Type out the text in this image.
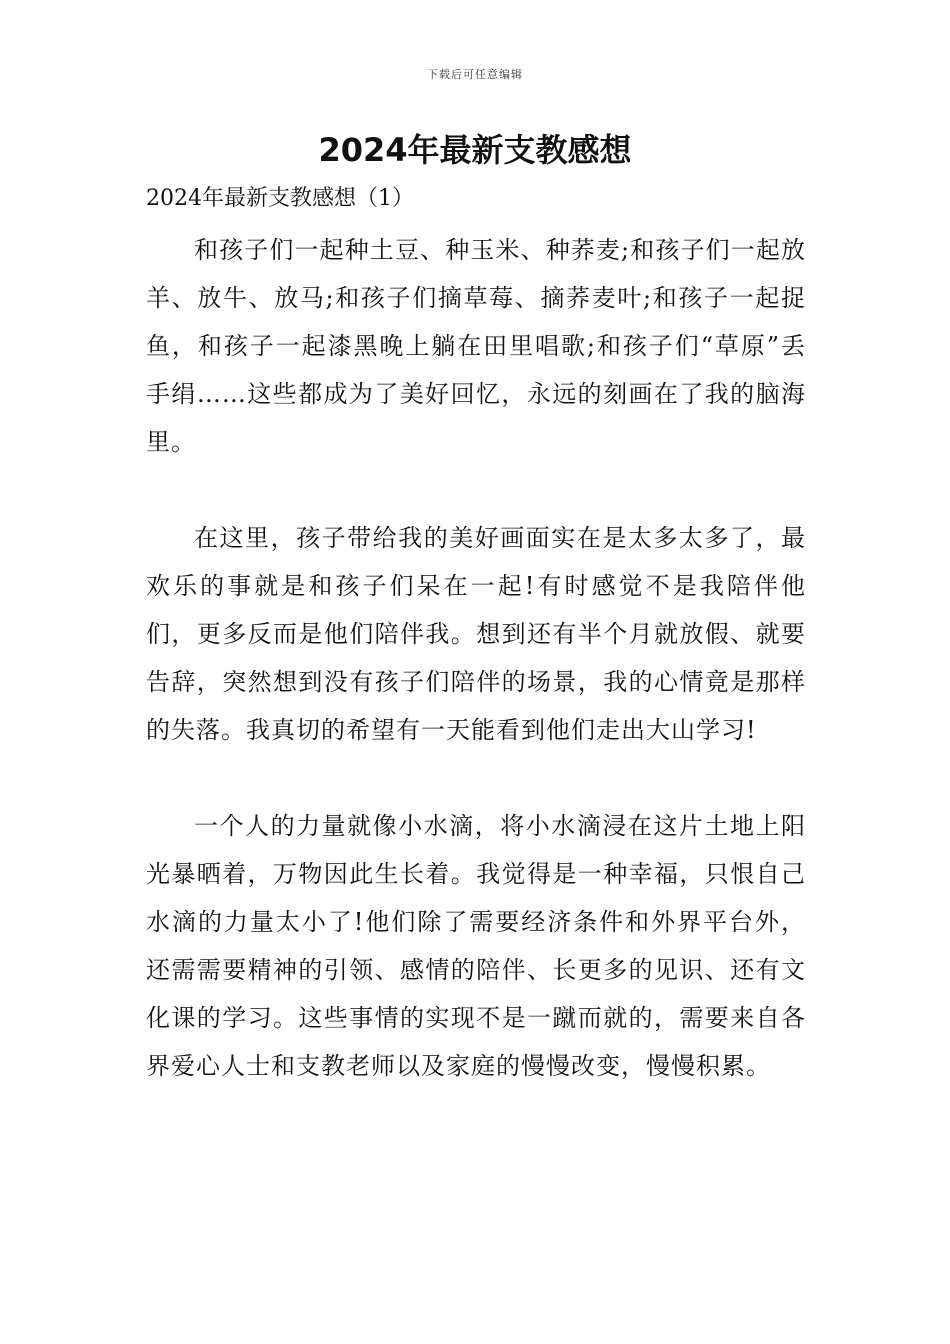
下载后可任意编辑
2024年最新支教感想

2024年最新支教感想（1）

和孩子们一起种土豆、种玉米、种荞麦;和孩子们一起放羊、放牛、放马;和孩子们摘草莓、摘荞麦叶;和孩子一起捉鱼，和孩子一起漆黑晚上躺在田里唱歌;和孩子们“草原”丢手绢……这些都成为了美好回忆，永远的刻画在了我的脑海里。

在这里，孩子带给我的美好画面实在是太多太多了，最欢乐的事就是和孩子们呆在一起!有时感觉不是我陪伴他们，更多反而是他们陪伴我。想到还有半个月就放假、就要告辞，突然想到没有孩子们陪伴的场景，我的心情竟是那样的失落。我真切的希望有一天能看到他们走出大山学习!

一个人的力量就像小水滴，将小水滴浸在这片土地上阳光暴晒着，万物因此生长着。我觉得是一种幸福，只恨自己水滴的力量太小了!他们除了需要经济条件和外界平台外，还需需要精神的引领、感情的陪伴、长更多的见识、还有文化课的学习。这些事情的实现不是一蹴而就的，需要来自各界爱心人士和支教老师以及家庭的慢慢改变，慢慢积累。
